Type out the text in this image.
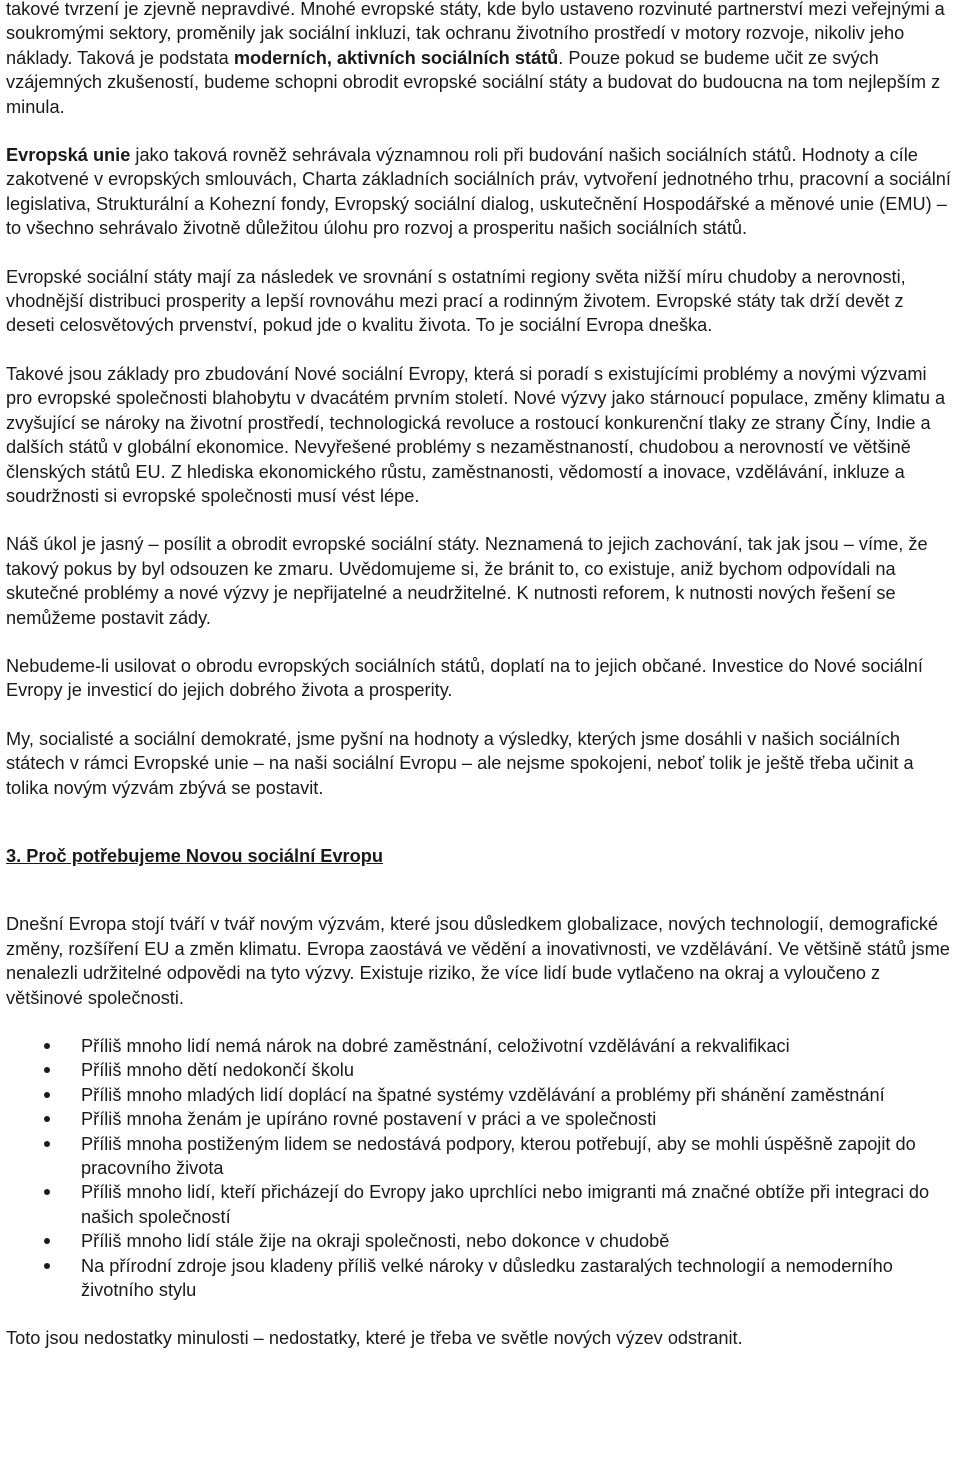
takové tvrzení je zjevně nepravdivé. Mnohé evropské státy, kde bylo ustaveno rozvinuté partnerství mezi veřejnými a soukromými sektory, proměnily jak sociální inkluzi, tak ochranu životního prostředí v motory rozvoje, nikoliv jeho náklady. Taková je podstata moderních, aktivních sociálních států. Pouze pokud se budeme učit ze svých vzájemných zkušeností, budeme schopni obrodit evropské sociální státy a budovat do budoucna na tom nejlepším z minula.

Evropská unie jako taková rovněž sehrávala významnou roli při budování našich sociálních států. Hodnoty a cíle zakotvené v evropských smlouvách, Charta základních sociálních práv, vytvoření jednotného trhu, pracovní a sociální legislativa, Strukturální a Kohezní fondy, Evropský sociální dialog, uskutečnění Hospodářské a měnové unie (EMU) – to všechno sehrávalo životně důležitou úlohu pro rozvoj a prosperitu našich sociálních států.

Evropské sociální státy mají za následek ve srovnání s ostatními regiony světa nižší míru chudoby a nerovnosti, vhodnější distribuci prosperity a lepší rovnováhu mezi prací a rodinným životem. Evropské státy tak drží devět z deseti celosvětových prvenství, pokud jde o kvalitu života. To je sociální Evropa dneška.

Takové jsou základy pro zbudování Nové sociální Evropy, která si poradí s existujícími problémy a novými výzvami pro evropské společnosti blahobytu v dvacátém prvním století. Nové výzvy jako stárnoucí populace, změny klimatu a zvyšující se nároky na životní prostředí, technologická revoluce a rostoucí konkurenční tlaky ze strany Číny, Indie a dalších států v globální ekonomice. Nevyřešené problémy s nezaměstnaností, chudobou a nerovností ve většině členských států EU. Z hlediska ekonomického růstu, zaměstnanosti, vědomostí a inovace, vzdělávání, inkluze a soudržnosti si evropské společnosti musí vést lépe.

Náš úkol je jasný – posílit a obrodit evropské sociální státy. Neznamená to jejich zachování, tak jak jsou – víme, že takový pokus by byl odsouzen ke zmaru. Uvědomujeme si, že bránit to, co existuje, aniž bychom odpovídali na skutečné problémy a nové výzvy je nepřijatelné a neudržitelné. K nutnosti reforem, k nutnosti nových řešení se nemůžeme postavit zády.

Nebudeme-li usilovat o obrodu evropských sociálních států, doplatí na to jejich občané. Investice do Nové sociální Evropy je investicí do jejich dobrého života a prosperity.

My, socialisté a sociální demokraté, jsme pyšní na hodnoty a výsledky, kterých jsme dosáhli v našich sociálních státech v rámci Evropské unie – na naši sociální Evropu – ale nejsme spokojeni, neboť tolik je ještě třeba učinit a tolika novým výzvám zbývá se postavit.

3. Proč potřebujeme Novou sociální Evropu

Dnešní Evropa stojí tváří v tvář novým výzvám, které jsou důsledkem globalizace, nových technologií, demografické změny, rozšíření EU a změn klimatu. Evropa zaostává ve vědění a inovativnosti, ve vzdělávání. Ve většině států jsme nenalezli udržitelné odpovědi na tyto výzvy. Existuje riziko, že více lidí bude vytlačeno na okraj a vyloučeno z většinové společnosti.

Příliš mnoho lidí nemá nárok na dobré zaměstnání, celoživotní vzdělávání a rekvalifikaci
Příliš mnoho dětí nedokončí školu
Příliš mnoho mladých lidí doplácí na špatné systémy vzdělávání a problémy při shánění zaměstnání
Příliš mnoha ženám je upíráno rovné postavení v práci a ve společnosti
Příliš mnoha postiženým lidem se nedostává podpory, kterou potřebují, aby se mohli úspěšně zapojit do pracovního života
Příliš mnoho lidí, kteří přicházejí do Evropy jako uprchlíci nebo imigranti má značné obtíže při integraci do našich společností
Příliš mnoho lidí stále žije na okraji společnosti, nebo dokonce v chudobě
Na přírodní zdroje jsou kladeny příliš velké nároky v důsledku zastaralých technologií a nemoderního životního stylu

Toto jsou nedostatky minulosti – nedostatky, které je třeba ve světle nových výzev odstranit.
